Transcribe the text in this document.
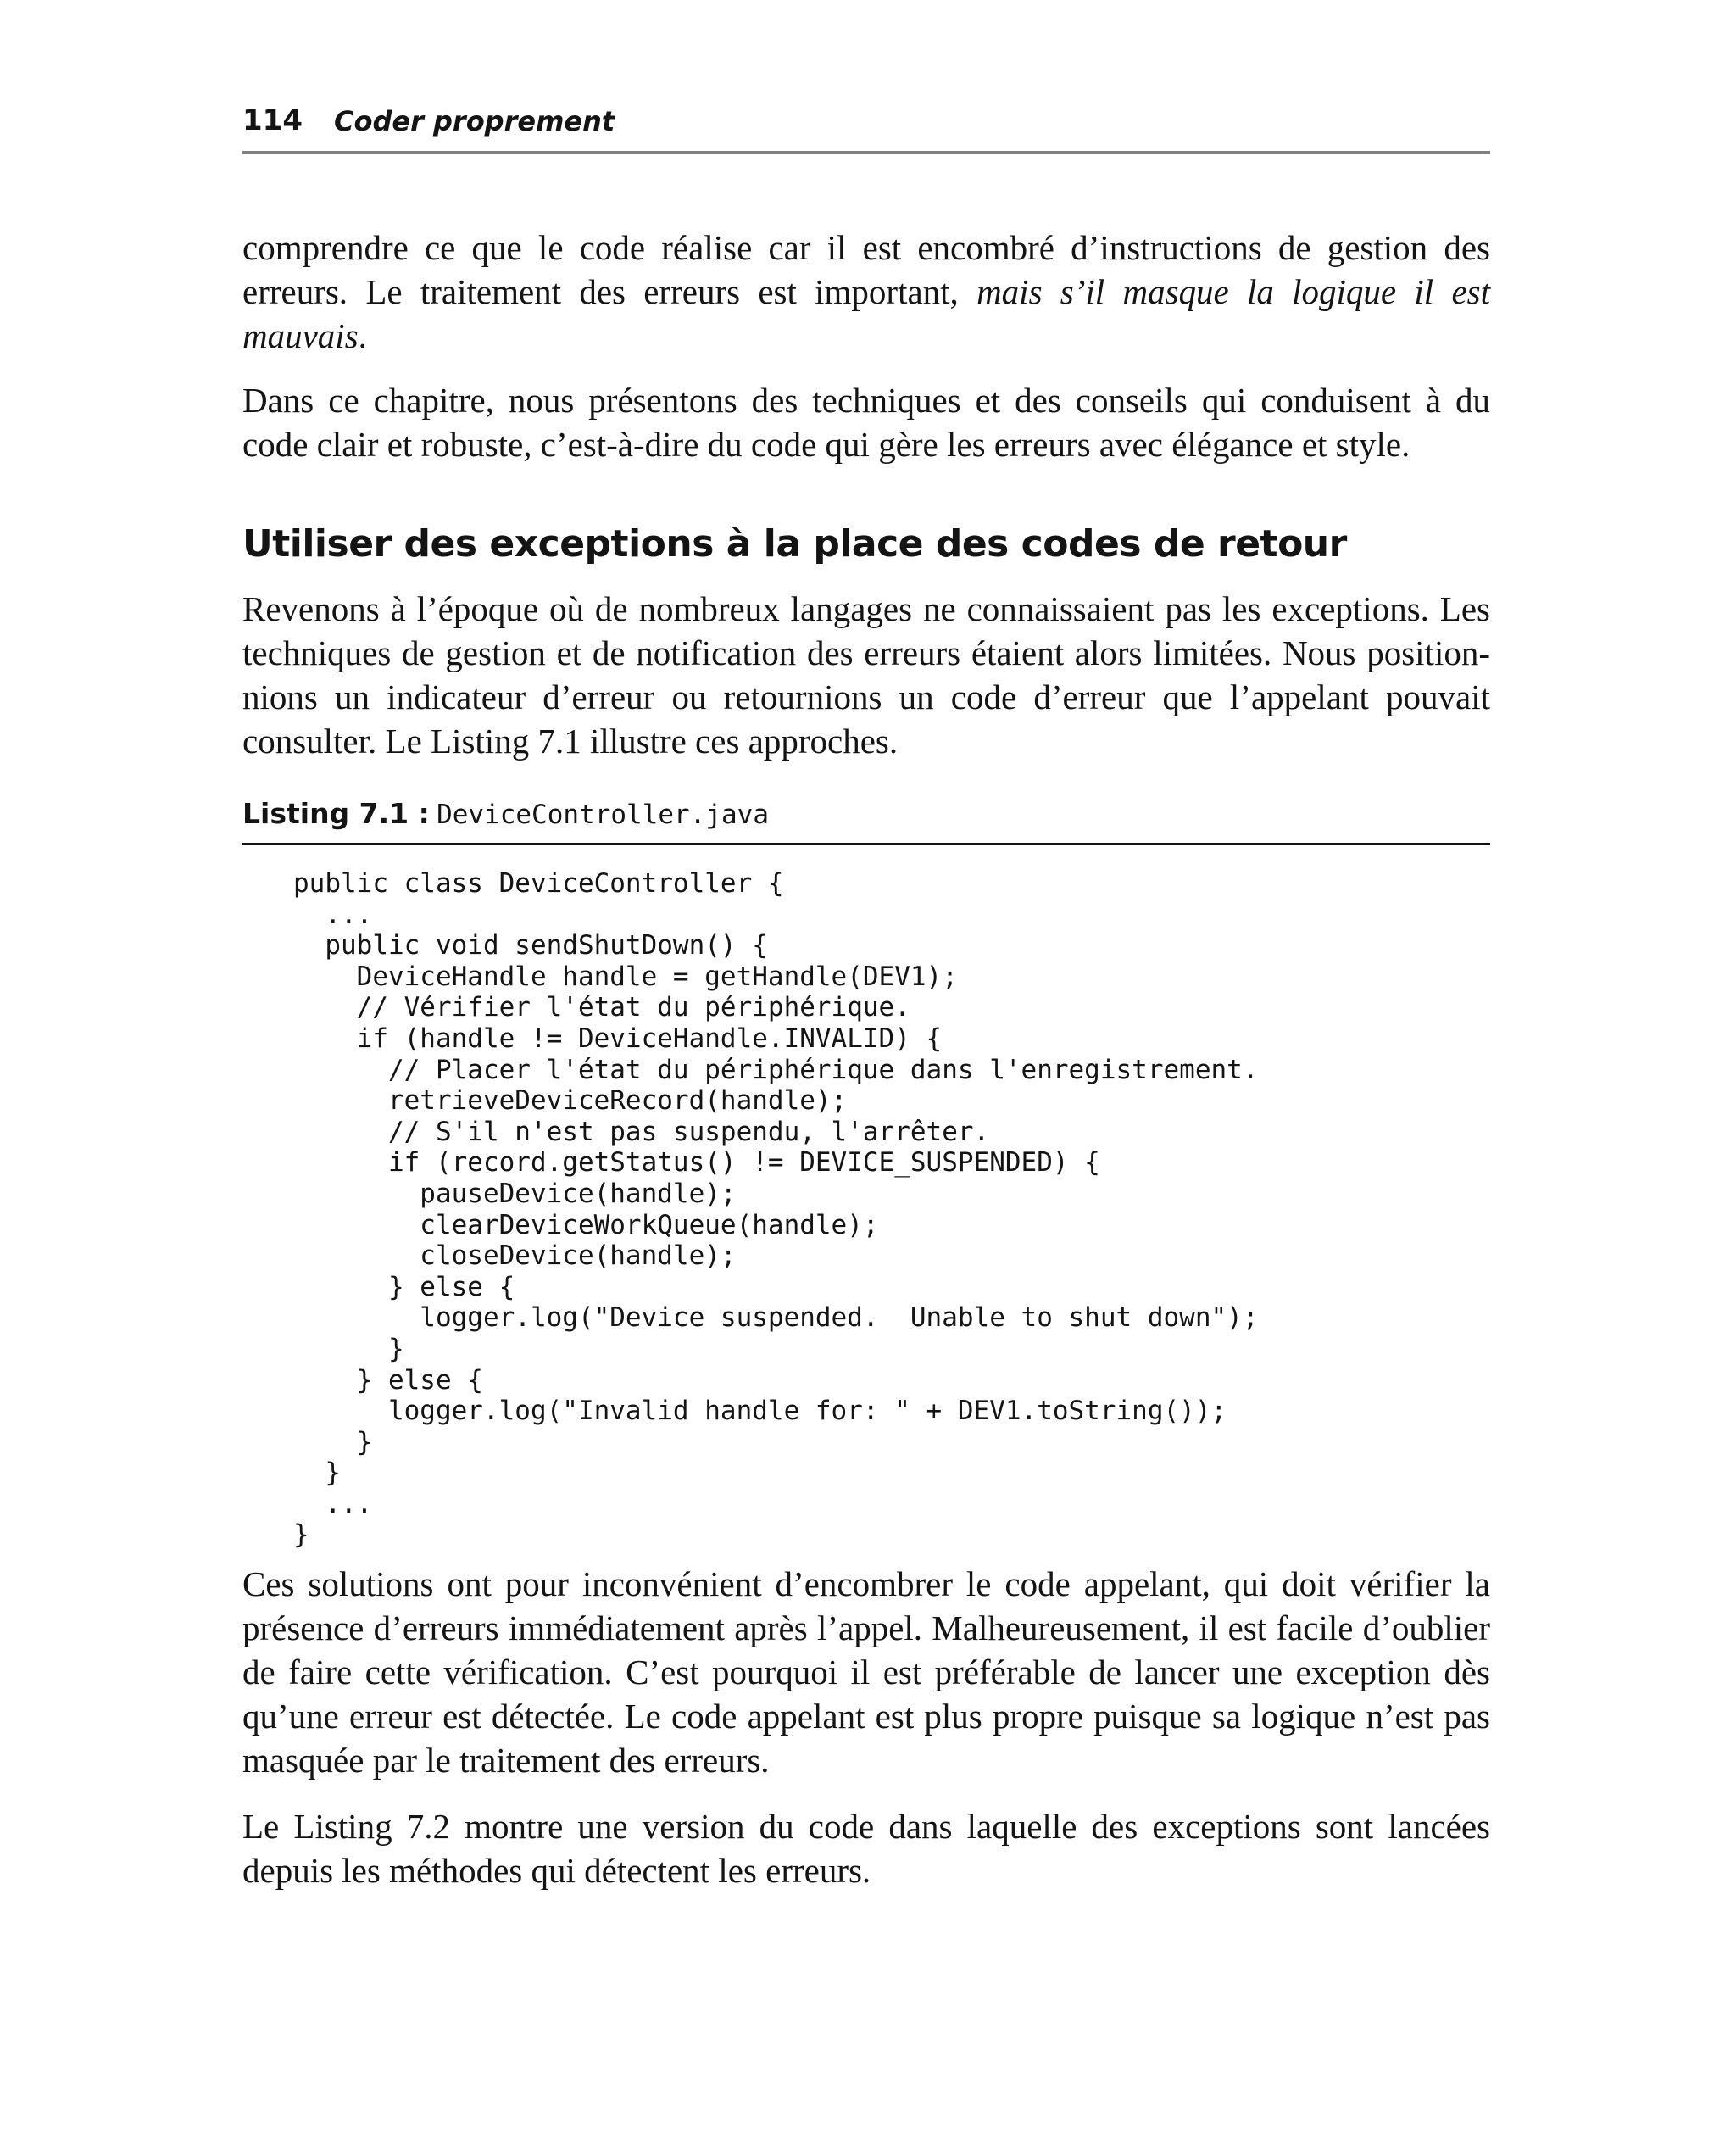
114 Coder proprement

comprendre ce que le code réalise car il est encombré d’instructions de gestion des erreurs. Le traitement des erreurs est important, mais s’il masque la logique il est mauvais.

Dans ce chapitre, nous présentons des techniques et des conseils qui conduisent à du code clair et robuste, c’est-à-dire du code qui gère les erreurs avec élégance et style.

Utiliser des exceptions à la place des codes de retour

Revenons à l’époque où de nombreux langages ne connaissaient pas les exceptions. Les techniques de gestion et de notification des erreurs étaient alors limitées. Nous positionnions un indicateur d’erreur ou retournions un code d’erreur que l’appelant pouvait consulter. Le Listing 7.1 illustre ces approches.

Listing 7.1 : DeviceController.java
public class DeviceController {
...
public void sendShutDown() {
DeviceHandle handle = getHandle(DEV1);
// Vérifier l'état du périphérique.
if (handle != DeviceHandle.INVALID) {
// Placer l'état du périphérique dans l'enregistrement.
retrieveDeviceRecord(handle);
// S'il n'est pas suspendu, l'arrêter.
if (record.getStatus() != DEVICE_SUSPENDED) {
pauseDevice(handle);
clearDeviceWorkQueue(handle);
closeDevice(handle);
} else {
logger.log("Device suspended.  Unable to shut down");
}
} else {
logger.log("Invalid handle for: " + DEV1.toString());
}
}
...
}

Ces solutions ont pour inconvénient d’encombrer le code appelant, qui doit vérifier la présence d’erreurs immédiatement après l’appel. Malheureusement, il est facile d’oublier de faire cette vérification. C’est pourquoi il est préférable de lancer une exception dès qu’une erreur est détectée. Le code appelant est plus propre puisque sa logique n’est pas masquée par le traitement des erreurs.

Le Listing 7.2 montre une version du code dans laquelle des exceptions sont lancées depuis les méthodes qui détectent les erreurs.
